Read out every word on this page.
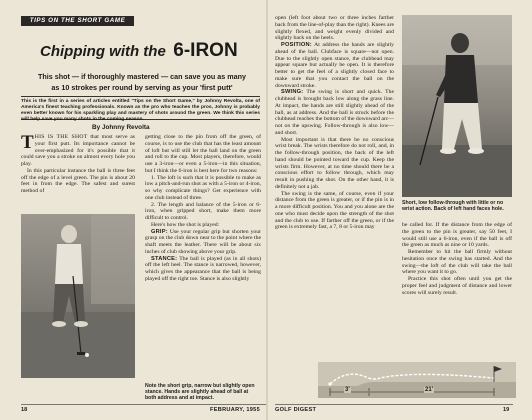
TIPS ON THE SHORT GAME
Chipping with the 6-IRON
This shot — if thoroughly mastered — can save you as many
as 10 strokes per round by serving as your 'first putt'
This is the first in a series of articles entitled "Tips on the Short Game," by Johnny Revolta, one of America's finest teaching professionals. Known as the pro who teaches the pros, Johnny is probably even better known for his sparkling play and mastery of shots around the green. We think this series will help save you many shots in the coming season.
By Johnny Revolta

THIS IS THE SHOT that most serve as your first putt. Its importance cannot be over-emphasized for it's possible that it could save you a stroke on almost every hole you play.

In this particular instance the ball is three feet off the edge of a level green. The pin is about 20 feet in from the edge. The safest and surest method of

getting close to the pin from off the green, of course, is to use the club that has the least amount of loft but will still let the ball land on the green and roll to the cup. Most players, therefore, would use a 3-iron—or even a 5-iron—in this situation, but I think the 6-iron is best here for two reasons:

1. The loft is such that it is possible to make as low a pitch-and-run shot as with a 5-iron or 4-iron, so why complicate things? Get experience with one club instead of three.

2. The length and balance of the 5-iron or 6-iron, when gripped short, make them more difficult to control.

Here's how the shot is played:

GRIP: Use your regular grip but shorten your grasp on the club down near to the point where the shaft meets the leather. There will be about six inches of club showing above your grip.

STANCE: The ball is played (as in all shots) off the left heel. The stance is narrowed, however, which gives the appearance that the ball is being played off the right toe. Stance is also slightly

Note the short grip, narrow but slightly open stance. Hands are slightly ahead of ball at both address and at impact.
18	FEBRUARY, 1955

open (left foot about two or three inches farther back from the line-of-play than the right). Knees are slightly flexed, and weight evenly divided and slightly back on the heels.

POSITION: At address the hands are slightly ahead of the ball. Clubface is square—not open. Due to the slightly open stance, the clubhead may appear square but actually be open. It is therefore better to get the feel of a slightly closed face to make sure that you contact the ball on the downward stroke.

SWING: The swing is short and quick. The clubhead is brought back low along the grass line. At impact, the hands are still slightly ahead of the ball, as at address. And the ball is struck before the clubhead reaches the bottom of the downward arc—not on the upswing. Follow-through is also low—and short.

Most important is that there be no conscious wrist break. The wrists therefore do not roll, and, in the follow-through position, the back of the left hand should be pointed toward the cup. Keep the wrists firm. However, at no time should there be a conscious effort to follow through, which may result in pushing the shot. On the other hand, it is definitely not a jab.

The swing is the same, of course, even if your distance from the green is greater, or if the pin is in a more difficult position. You and you alone are the one who must decide upon the strength of the shot and the club to use. If farther off the green, or if the green is extremely fast, a 7, 8 or 5-iron may

Short, low follow-through with little or no wrist action. Back of left hand faces hole.

be called for. If the distance from the edge of the green to the pin is greater, say 50 feet, I would still use a 6-iron, even if the ball is off the green as much as nine or 10 yards.

Remember to hit the ball firmly without hesitation once the swing has started. And the swing—the loft of the club will take the ball where you want it to go.

Practice this shot often until you get the proper feel and judgment of distance and lower scores will surely result.

3'	21'
GOLF DIGEST	19
